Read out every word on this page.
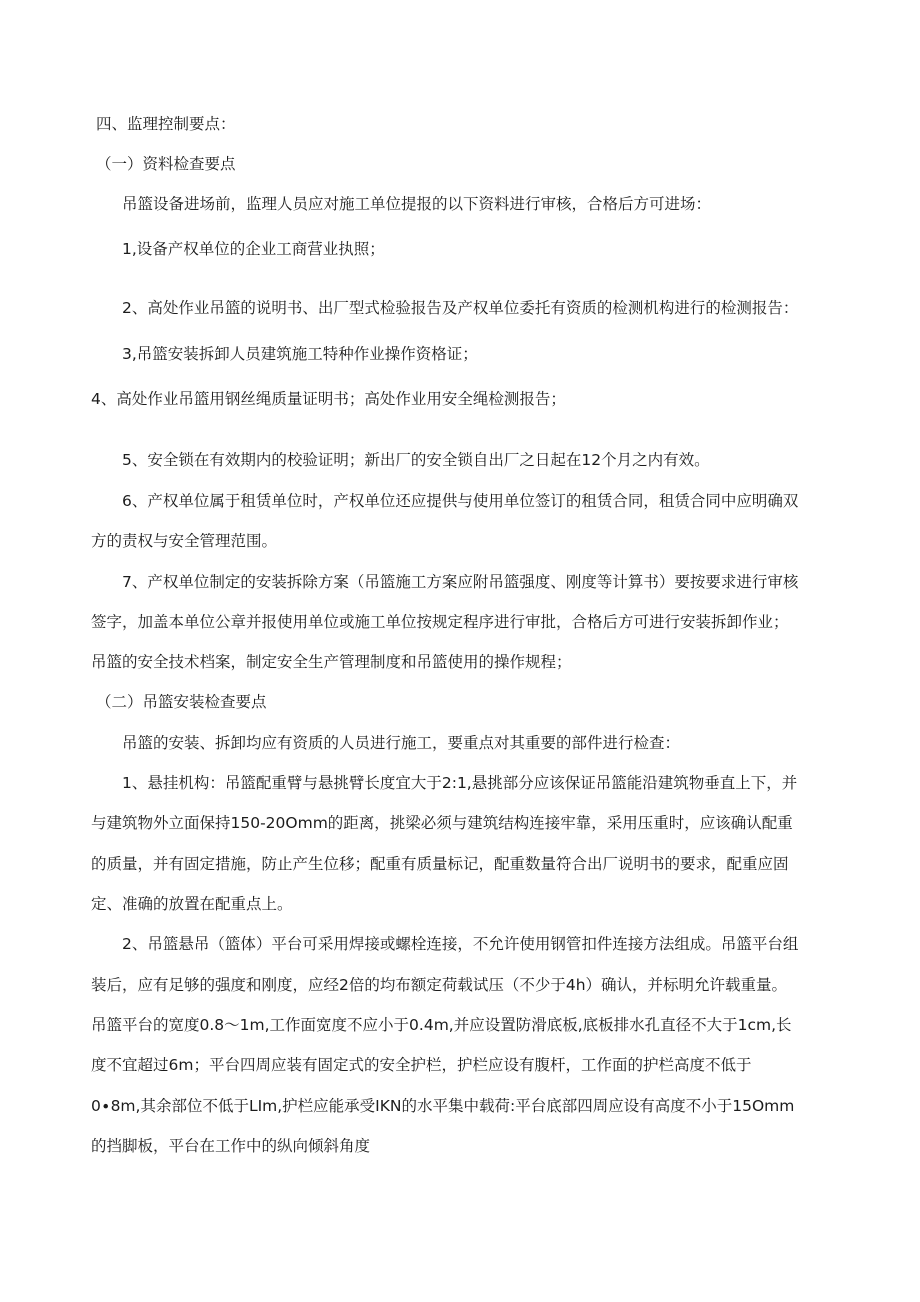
四、监理控制要点：

（一）资料检查要点

吊篮设备进场前，监理人员应对施工单位提报的以下资料进行审核，合格后方可进场：

1,设备产权单位的企业工商营业执照；

2、高处作业吊篮的说明书、出厂型式检验报告及产权单位委托有资质的检测机构进行的检测报告：

3,吊篮安装拆卸人员建筑施工特种作业操作资格证；

4、高处作业吊篮用钢丝绳质量证明书；高处作业用安全绳检测报告；

5、安全锁在有效期内的校验证明；新出厂的安全锁自出厂之日起在12个月之内有效。

6、产权单位属于租赁单位时，产权单位还应提供与使用单位签订的租赁合同，租赁合同中应明确双

方的责权与安全管理范围。

7、产权单位制定的安装拆除方案（吊篮施工方案应附吊篮强度、刚度等计算书）要按要求进行审核

签字，加盖本单位公章并报使用单位或施工单位按规定程序进行审批，合格后方可进行安装拆卸作业；

吊篮的安全技术档案，制定安全生产管理制度和吊篮使用的操作规程；

（二）吊篮安装检查要点

吊篮的安装、拆卸均应有资质的人员进行施工，要重点对其重要的部件进行检查：

1、悬挂机构：吊篮配重臂与悬挑臂长度宜大于2:1,悬挑部分应该保证吊篮能沿建筑物垂直上下，并

与建筑物外立面保持150-20Omm的距离，挑梁必须与建筑结构连接牢靠，采用压重时，应该确认配重

的质量，并有固定措施，防止产生位移；配重有质量标记，配重数量符合出厂说明书的要求，配重应固

定、准确的放置在配重点上。

2、吊篮悬吊（篮体）平台可采用焊接或螺栓连接，不允许使用钢管扣件连接方法组成。吊篮平台组

装后，应有足够的强度和刚度，应经2倍的均布额定荷载试压（不少于4h）确认，并标明允许载重量。

吊篮平台的宽度0.8～1m,工作面宽度不应小于0.4m,并应设置防滑底板,底板排水孔直径不大于1cm,长

度不宜超过6m；平台四周应装有固定式的安全护栏，护栏应设有腹杆，工作面的护栏高度不低于

0∙8m,其余部位不低于LIm,护栏应能承受IKN的水平集中载荷:平台底部四周应设有高度不小于15Omm

的挡脚板，平台在工作中的纵向倾斜角度
